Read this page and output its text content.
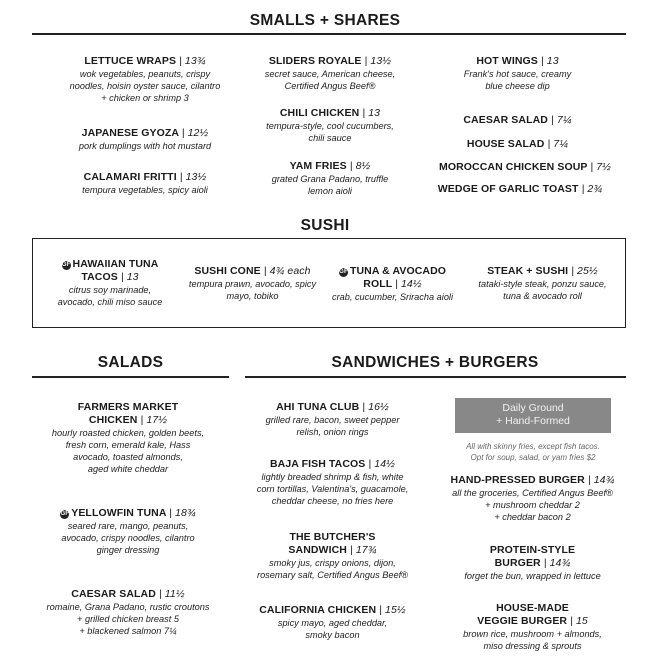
SMALLS + SHARES
LETTUCE WRAPS | 13¾
wok vegetables, peanuts, crispy
noodles, hoisin oyster sauce, cilantro
+ chicken or shrimp 3
JAPANESE GYOZA | 12½
pork dumplings with hot mustard
CALAMARI FRITTI | 13½
tempura vegetables, spicy aioli
SLIDERS ROYALE | 13½
secret sauce, American cheese,
Certified Angus Beef®
CHILI CHICKEN | 13
tempura-style, cool cucumbers,
chili sauce
YAM FRIES | 8½
grated Grana Padano, truffle
lemon aioli
HOT WINGS | 13
Frank's hot sauce, creamy
blue cheese dip
CAESAR SALAD | 7¼
HOUSE SALAD | 7¼
MOROCCAN CHICKEN SOUP | 7½
WEDGE OF GARLIC TOAST | 2¾
SUSHI
GF HAWAIIAN TUNA
TACOS | 13
citrus soy marinade,
avocado, chili miso sauce
SUSHI CONE | 4¾ each
tempura prawn, avocado, spicy
mayo, tobiko
GF TUNA & AVOCADO
ROLL | 14½
crab, cucumber, Sriracha aioli
STEAK + SUSHI | 25½
tataki-style steak, ponzu sauce,
tuna & avocado roll
SALADS
FARMERS MARKET
CHICKEN | 17½
hourly roasted chicken, golden beets,
fresh corn, emerald kale, Hass
avocado, toasted almonds,
aged white cheddar
GF YELLOWFIN TUNA | 18¾
seared rare, mango, peanuts,
avocado, crispy noodles, cilantro
ginger dressing
CAESAR SALAD | 11½
romaine, Grana Padano, rustic croutons
+ grilled chicken breast 5
+ blackened salmon 7¼
SANDWICHES + BURGERS
AHI TUNA CLUB | 16½
grilled rare, bacon, sweet pepper
relish, onion rings
BAJA FISH TACOS | 14½
lightly breaded shrimp & fish, white
corn tortillas, Valentina's, guacamole,
cheddar cheese, no fries here
THE BUTCHER'S
SANDWICH | 17¾
smoky jus, crispy onions, dijon,
rosemary salt, Certified Angus Beef®
CALIFORNIA CHICKEN | 15½
spicy mayo, aged cheddar,
smoky bacon
Daily Ground
+ Hand-Formed
All with skinny fries, except fish tacos.
Opt for soup, salad, or yam fries $2
HAND-PRESSED BURGER | 14¾
all the groceries, Certified Angus Beef®
+ mushroom cheddar 2
+ cheddar bacon 2
PROTEIN-STYLE
BURGER | 14¾
forget the bun, wrapped in lettuce
HOUSE-MADE
VEGGIE BURGER | 15
brown rice, mushroom + almonds,
miso dressing & sprouts
